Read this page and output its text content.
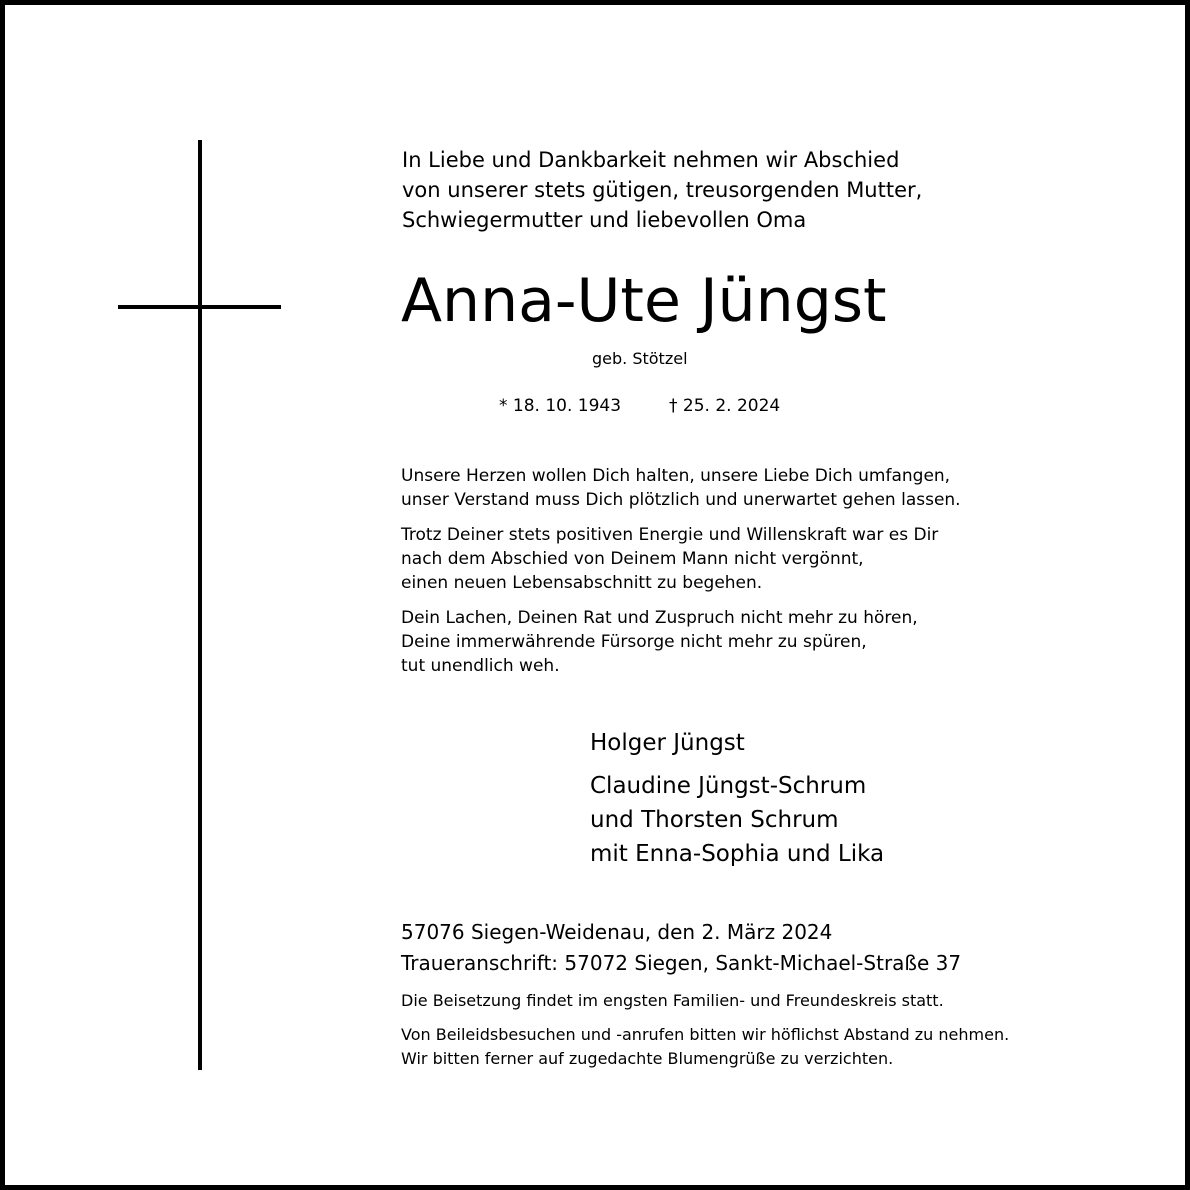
In Liebe und Dankbarkeit nehmen wir Abschied
von unserer stets gütigen, treusorgenden Mutter,
Schwiegermutter und liebevollen Oma
Anna-Ute Jüngst
geb. Stötzel
* 18. 10. 1943	† 25. 2. 2024
Unsere Herzen wollen Dich halten, unsere Liebe Dich umfangen,
unser Verstand muss Dich plötzlich und unerwartet gehen lassen.
Trotz Deiner stets positiven Energie und Willenskraft war es Dir
nach dem Abschied von Deinem Mann nicht vergönnt,
einen neuen Lebensabschnitt zu begehen.
Dein Lachen, Deinen Rat und Zuspruch nicht mehr zu hören,
Deine immerwährende Fürsorge nicht mehr zu spüren,
tut unendlich weh.
Holger Jüngst
Claudine Jüngst-Schrum
und Thorsten Schrum
mit Enna-Sophia und Lika
57076 Siegen-Weidenau, den 2. März 2024
Traueranschrift: 57072 Siegen, Sankt-Michael-Straße 37
Die Beisetzung findet im engsten Familien- und Freundeskreis statt.
Von Beileidsbesuchen und -anrufen bitten wir höflichst Abstand zu nehmen.
Wir bitten ferner auf zugedachte Blumengrüße zu verzichten.
